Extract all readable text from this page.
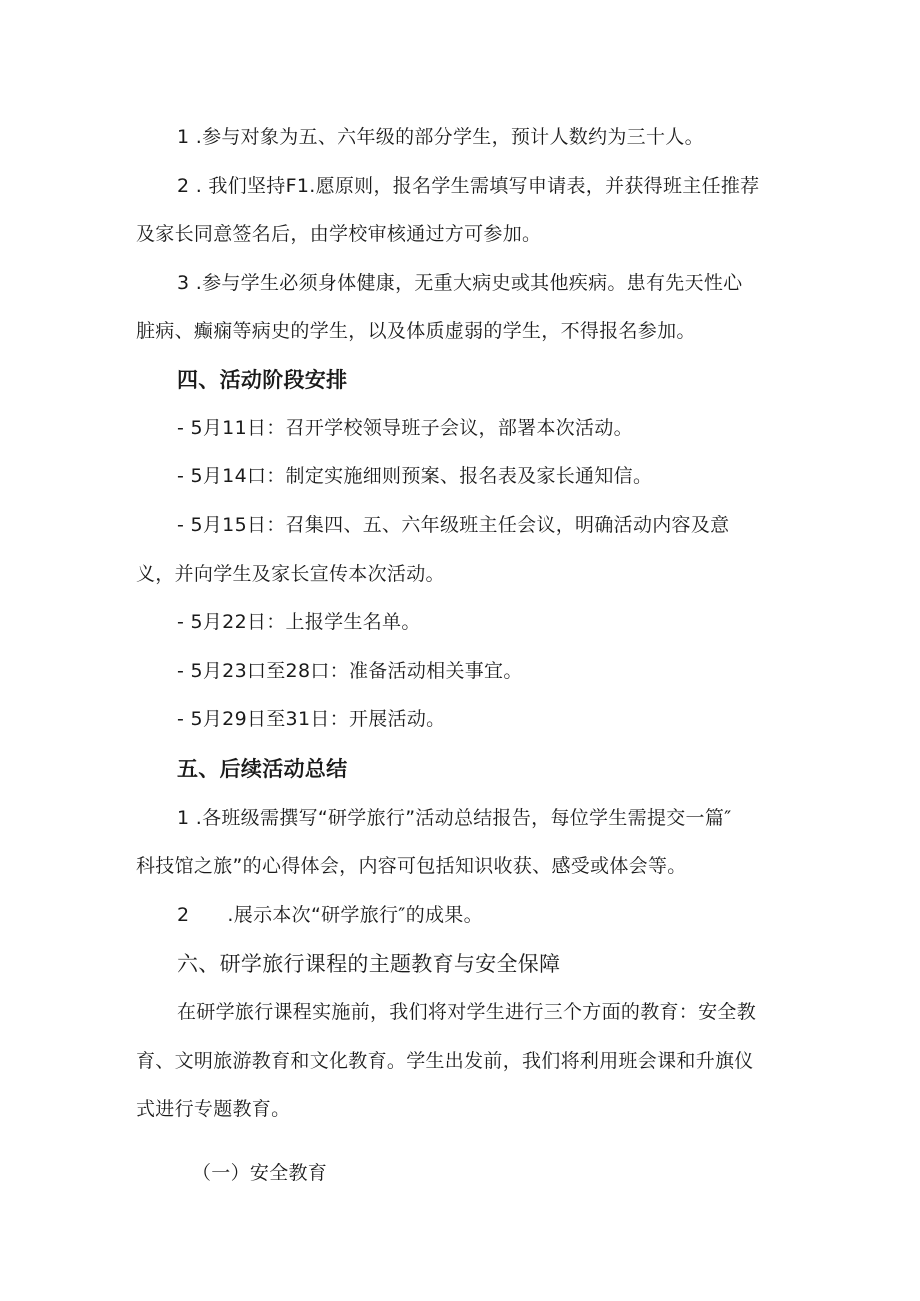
1 .参与对象为五、六年级的部分学生，预计人数约为三十人。
2 . 我们坚持F1.愿原则，报名学生需填写申请表，并获得班主任推荐
及家长同意签名后，由学校审核通过方可参加。
3 .参与学生必须身体健康，无重大病史或其他疾病。患有先天性心
脏病、癫痫等病史的学生，以及体质虚弱的学生，不得报名参加。
四、活动阶段安排
- 5月11日：召开学校领导班子会议，部署本次活动。
- 5月14口：制定实施细则预案、报名表及家长通知信。
- 5月15日：召集四、五、六年级班主任会议，明确活动内容及意
义，并向学生及家长宣传本次活动。
- 5月22日：上报学生名单。
- 5月23口至28口：准备活动相关事宜。
- 5月29日至31日：开展活动。
五、后续活动总结
1 .各班级需撰写“研学旅行”活动总结报告，每位学生需提交一篇″
科技馆之旅”的心得体会，内容可包括知识收获、感受或体会等。
2      .展示本次“研学旅行″的成果。
六、研学旅行课程的主题教育与安全保障
在研学旅行课程实施前，我们将对学生进行三个方面的教育：安全教
育、文明旅游教育和文化教育。学生出发前，我们将利用班会课和升旗仪
式进行专题教育。
（一）安全教育
